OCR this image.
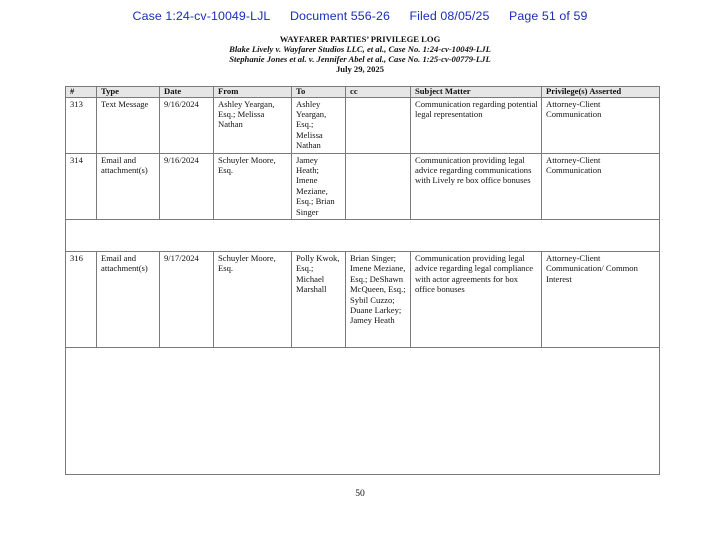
Case 1:24-cv-10049-LJL Document 556-26 Filed 08/05/25 Page 51 of 59
WAYFARER PARTIES’ PRIVILEGE LOG
Blake Lively v. Wayfarer Studios LLC, et al., Case No. 1:24-cv-10049-LJL
Stephanie Jones et al. v. Jennifer Abel et al., Case No. 1:25-cv-00779-LJL
July 29, 2025
#	Type	Date	From	To	cc	Subject Matter	Privilege(s) Asserted
313	Text Message	9/16/2024	Ashley Yeargan, Esq.; Melissa Nathan	Ashley Yeargan, Esq.; Melissa Nathan		Communication regarding potential legal representation	Attorney-Client Communication
314	Email and attachment(s)	9/16/2024	Schuyler Moore, Esq.	Jamey Heath; Imene Meziane, Esq.; Brian Singer		Communication providing legal advice regarding communications with Lively re box office bonuses	Attorney-Client Communication

316	Email and attachment(s)	9/17/2024	Schuyler Moore, Esq.	Polly Kwok, Esq.; Michael Marshall	Brian Singer; Imene Meziane, Esq.; DeShawn McQueen, Esq.; Sybil Cuzzo; Duane Larkey; Jamey Heath	Communication providing legal advice regarding legal compliance with actor agreements for box office bonuses	Attorney-Client Communication/ Common Interest

50
